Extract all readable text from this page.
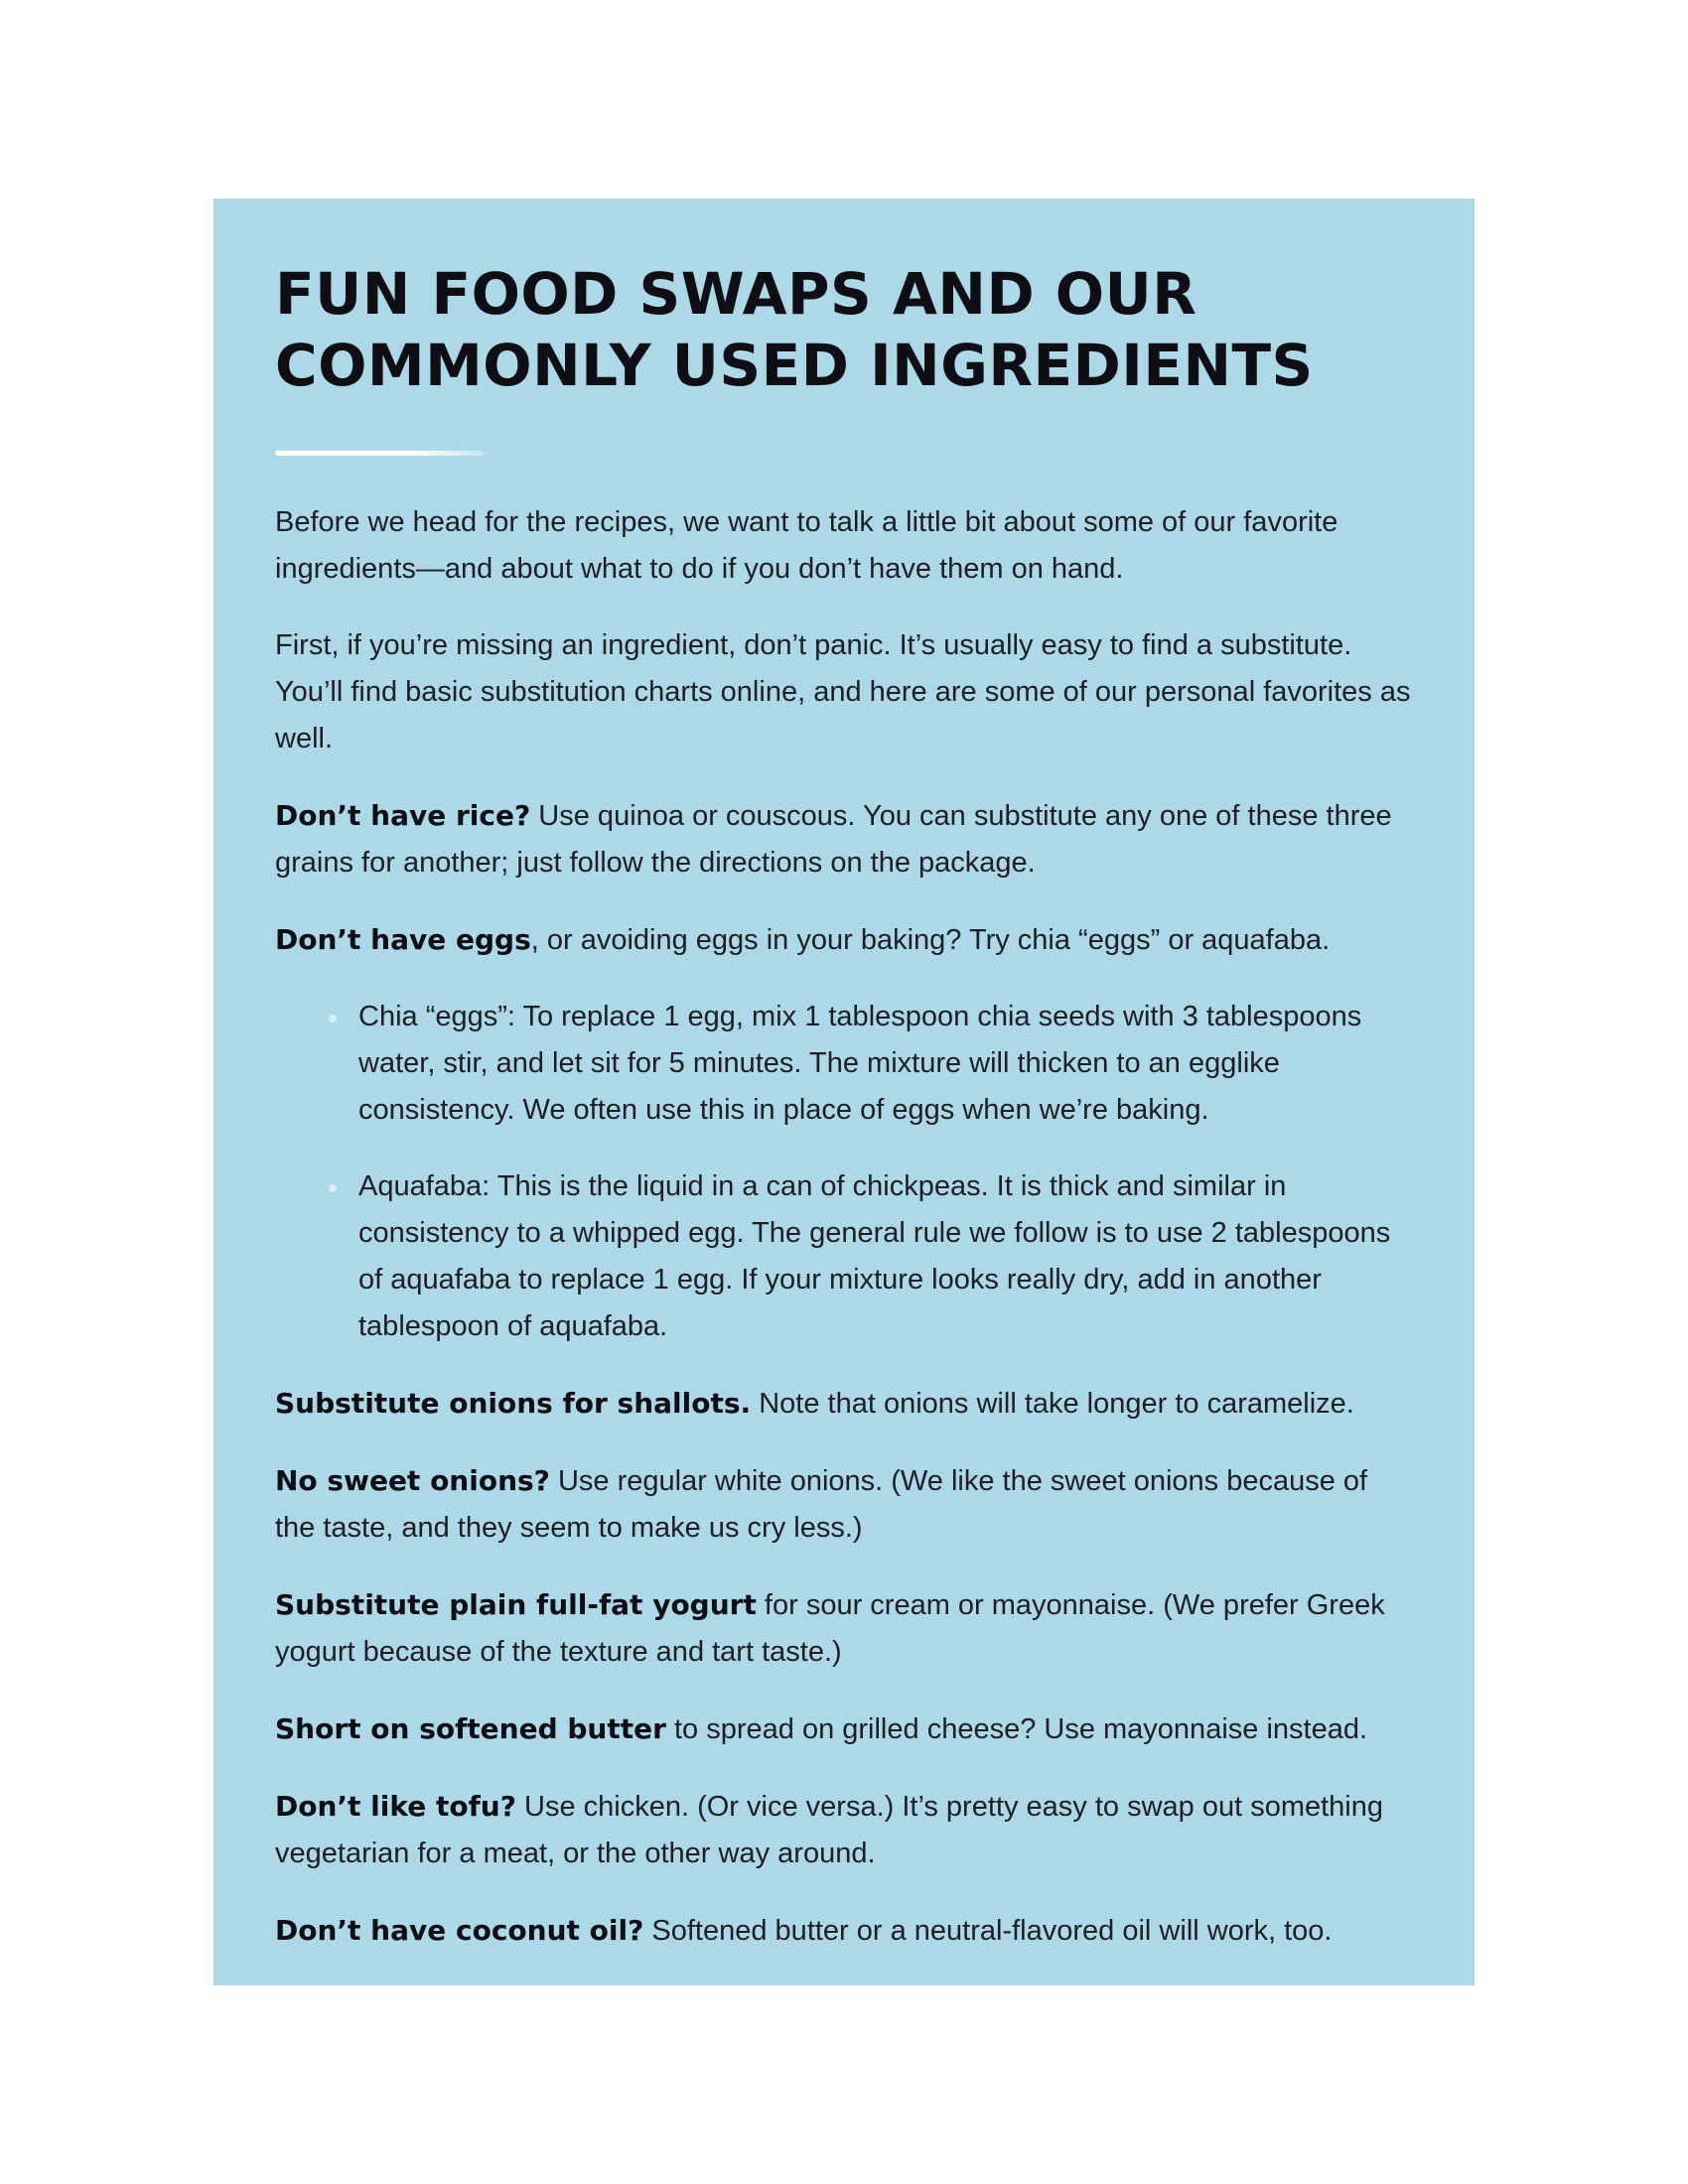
FUN FOOD SWAPS AND OUR
COMMONLY USED INGREDIENTS

Before we head for the recipes, we want to talk a little bit about some of our favorite ingredients—and about what to do if you don’t have them on hand.

First, if you’re missing an ingredient, don’t panic. It’s usually easy to find a substitute. You’ll find basic substitution charts online, and here are some of our personal favorites as well.

Don’t have rice? Use quinoa or couscous. You can substitute any one of these three grains for another; just follow the directions on the package.

Don’t have eggs, or avoiding eggs in your baking? Try chia “eggs” or aquafaba.

Chia “eggs”: To replace 1 egg, mix 1 tablespoon chia seeds with 3 tablespoons water, stir, and let sit for 5 minutes. The mixture will thicken to an egglike consistency. We often use this in place of eggs when we’re baking.
Aquafaba: This is the liquid in a can of chickpeas. It is thick and similar in consistency to a whipped egg. The general rule we follow is to use 2 tablespoons of aquafaba to replace 1 egg. If your mixture looks really dry, add in another tablespoon of aquafaba.

Substitute onions for shallots. Note that onions will take longer to caramelize.

No sweet onions? Use regular white onions. (We like the sweet onions because of the taste, and they seem to make us cry less.)

Substitute plain full-fat yogurt for sour cream or mayonnaise. (We prefer Greek yogurt because of the texture and tart taste.)

Short on softened butter to spread on grilled cheese? Use mayonnaise instead.

Don’t like tofu? Use chicken. (Or vice versa.) It’s pretty easy to swap out something vegetarian for a meat, or the other way around.

Don’t have coconut oil? Softened butter or a neutral-flavored oil will work, too.
